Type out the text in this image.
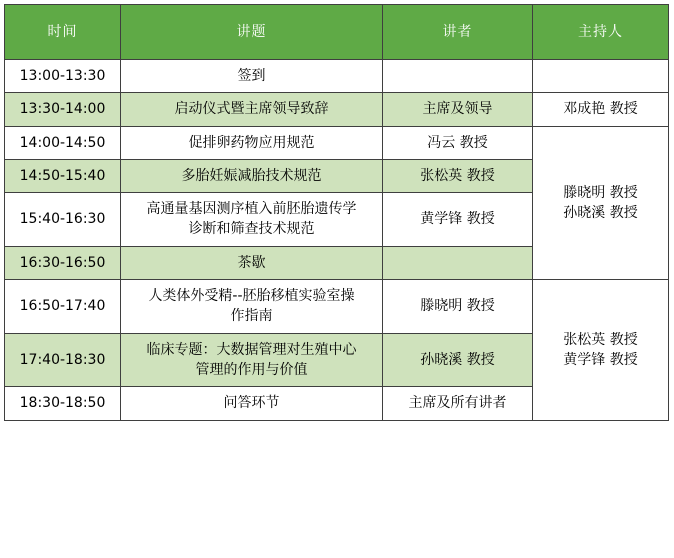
时间	讲题	讲者	主持人
13:00-13:30	签到		
13:30-14:00	启动仪式暨主席领导致辞	主席及领导	邓成艳 教授
14:00-14:50	促排卵药物应用规范	冯云 教授	滕晓明 教授
孙晓溪 教授

14:50-15:40	多胎妊娠减胎技术规范	张松英 教授	
15:40-16:30	高通量基因测序植入前胚胎遗传学
诊断和筛查技术规范	黄学锋 教授	
16:30-16:50	茶歇		
16:50-17:40	人类体外受精--胚胎移植实验室操
作指南	滕晓明 教授	张松英 教授
黄学锋 教授

17:40-18:30	临床专题：大数据管理对生殖中心
管理的作用与价值	孙晓溪 教授	
18:30-18:50	问答环节	主席及所有讲者	
